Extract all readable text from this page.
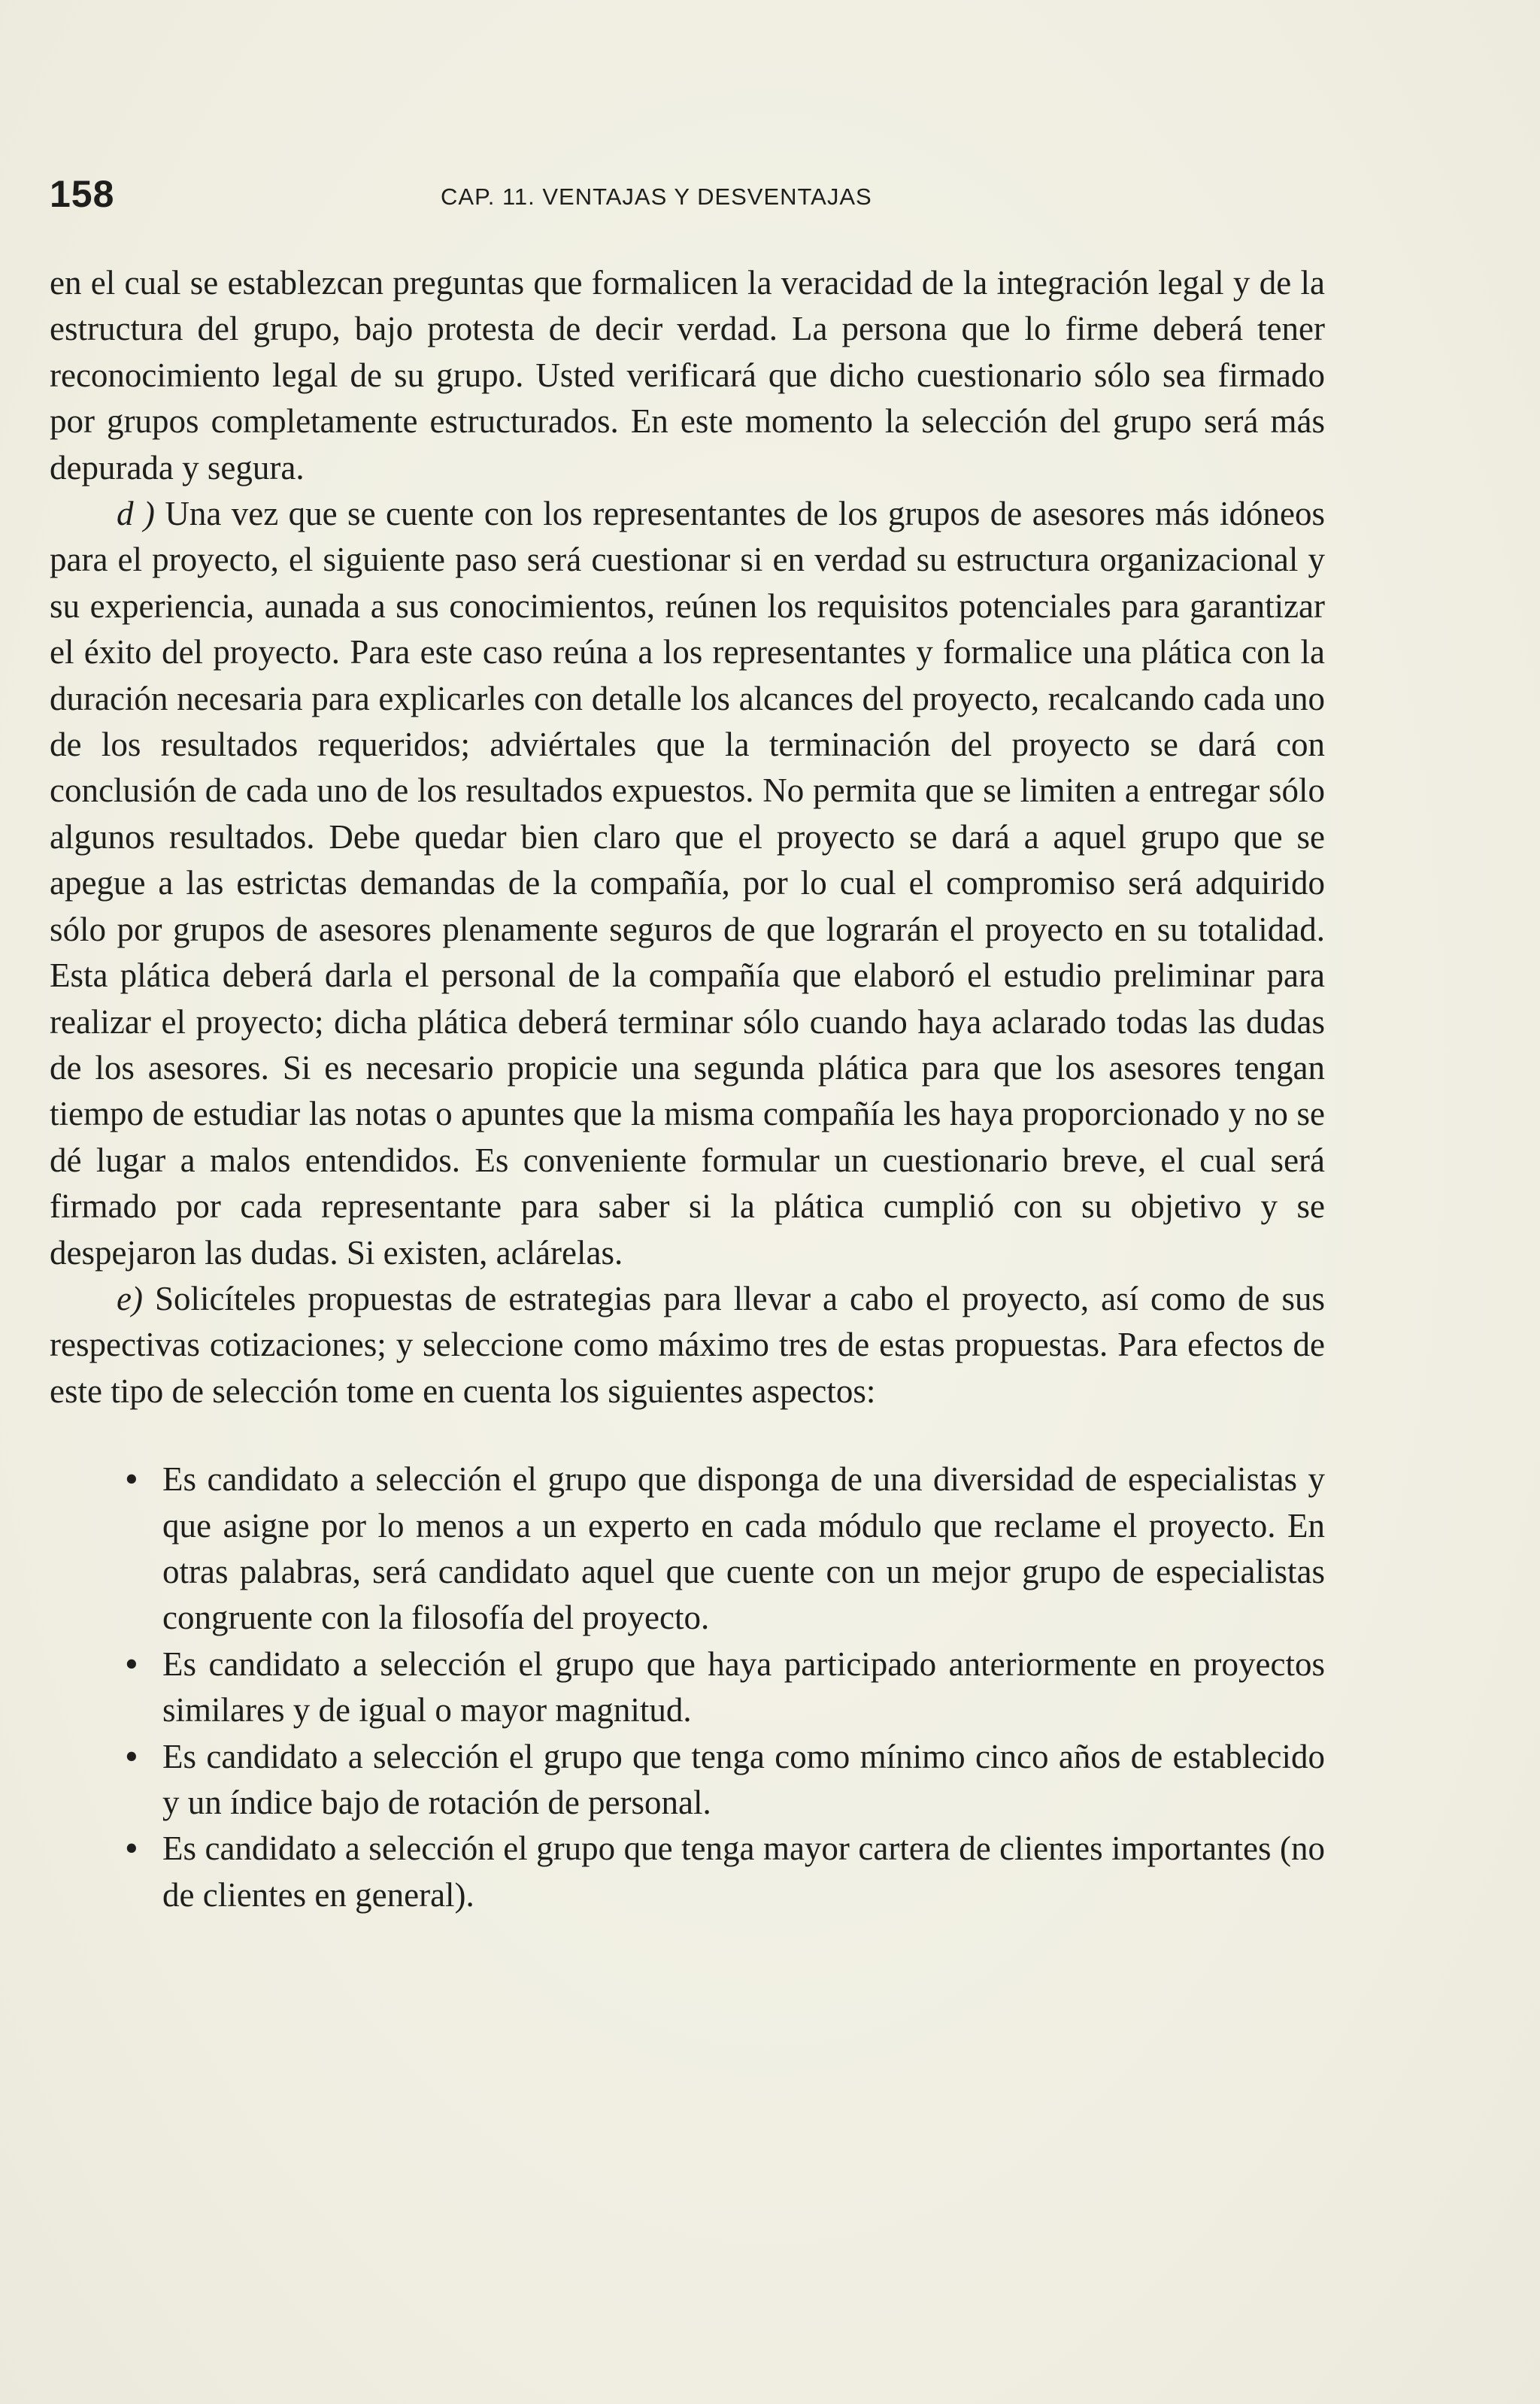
158	CAP. 11. VENTAJAS Y DESVENTAJAS

en el cual se establezcan preguntas que formalicen la veracidad de la integración legal y de la estructura del grupo, bajo protesta de decir verdad. La persona que lo firme deberá tener reconocimiento legal de su grupo. Usted verificará que dicho cuestionario sólo sea firmado por grupos completamente estructurados. En este momento la selección del grupo será más depurada y segura.

d ) Una vez que se cuente con los representantes de los grupos de asesores más idóneos para el proyecto, el siguiente paso será cuestionar si en verdad su estructura organizacional y su experiencia, aunada a sus conocimientos, reúnen los requisitos potenciales para garantizar el éxito del proyecto. Para este caso reúna a los representantes y formalice una plática con la duración necesaria para explicarles con detalle los alcances del proyecto, recalcando cada uno de los resultados requeridos; adviértales que la terminación del proyecto se dará con conclusión de cada uno de los resultados expuestos. No permita que se limiten a entregar sólo algunos resultados. Debe quedar bien claro que el proyecto se dará a aquel grupo que se apegue a las estrictas demandas de la compañía, por lo cual el compromiso será adquirido sólo por grupos de asesores plenamente seguros de que lograrán el proyecto en su totalidad. Esta plática deberá darla el personal de la compañía que elaboró el estudio preliminar para realizar el proyecto; dicha plática deberá terminar sólo cuando haya aclarado todas las dudas de los asesores. Si es necesario propicie una segunda plática para que los asesores tengan tiempo de estudiar las notas o apuntes que la misma compañía les haya proporcionado y no se dé lugar a malos entendidos. Es conveniente formular un cuestionario breve, el cual será firmado por cada representante para saber si la plática cumplió con su objetivo y se despejaron las dudas. Si existen, aclárelas.

e) Solicíteles propuestas de estrategias para llevar a cabo el proyecto, así como de sus respectivas cotizaciones; y seleccione como máximo tres de estas propuestas. Para efectos de este tipo de selección tome en cuenta los siguientes aspectos:

• Es candidato a selección el grupo que disponga de una diversidad de especialistas y que asigne por lo menos a un experto en cada módulo que reclame el proyecto. En otras palabras, será candidato aquel que cuente con un mejor grupo de especialistas congruente con la filosofía del proyecto.
• Es candidato a selección el grupo que haya participado anteriormente en proyectos similares y de igual o mayor magnitud.
• Es candidato a selección el grupo que tenga como mínimo cinco años de establecido y un índice bajo de rotación de personal.
• Es candidato a selección el grupo que tenga mayor cartera de clientes importantes (no de clientes en general).
